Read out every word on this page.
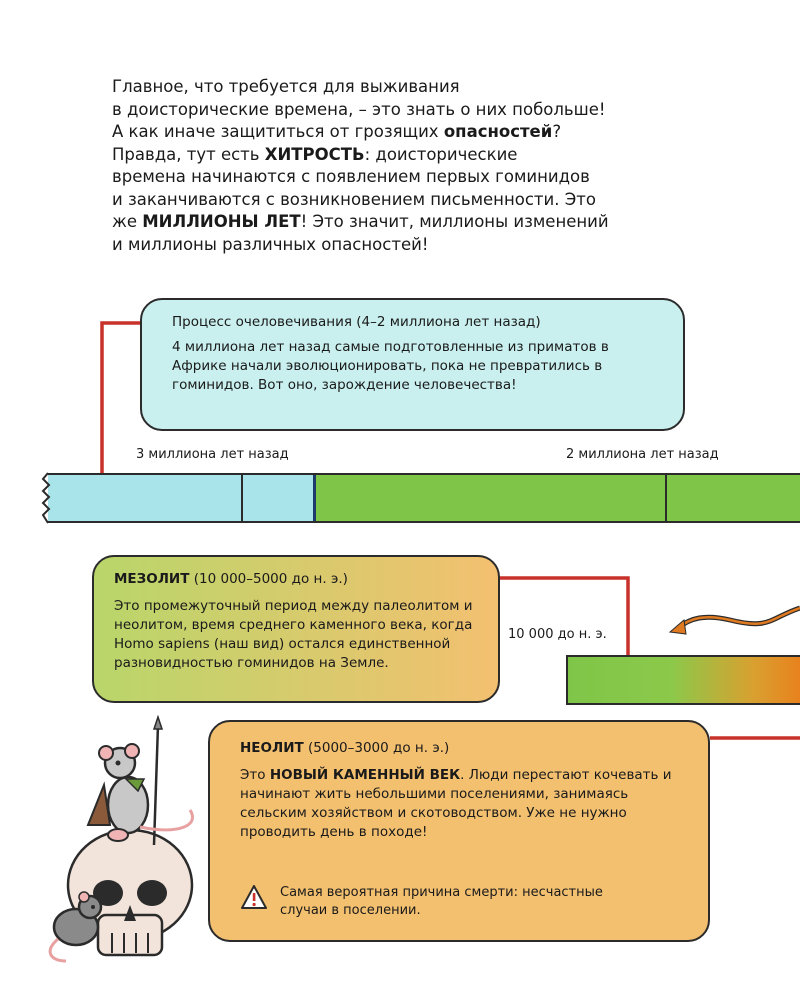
Главное, что требуется для выживания

в доисторические времена, – это знать о них побольше!

А как иначе защититься от грозящих опасностей?

Правда, тут есть ХИТРОСТЬ: доисторические

времена начинаются с появлением первых гоминидов

и заканчиваются с возникновением письменности. Это

же МИЛЛИОНЫ ЛЕТ! Это значит, миллионы изменений

и миллионы различных опасностей!

Процесс очеловечивания (4–2 миллиона лет назад)

4 миллиона лет назад самые подготовленные из приматов в Африке начали эволюционировать, пока не превратились в гоминидов. Вот оно, зарождение человечества!

3 миллиона лет назад	2 миллиона лет назад

МЕЗОЛИТ (10 000–5000 до н. э.)

Это промежуточный период между палеолитом и неолитом, время среднего каменного века, когда Homo sapiens (наш вид) остался единственной разновидностью гоминидов на Земле.

10 000 до н. э.

НЕОЛИТ (5000–3000 до н. э.)

Это НОВЫЙ КАМЕННЫЙ ВЕК. Люди перестают кочевать и начинают жить небольшими поселениями, занимаясь сельским хозяйством и скотоводством. Уже не нужно проводить день в походе!

Самая вероятная причина смерти: несчастные случаи в поселении.
